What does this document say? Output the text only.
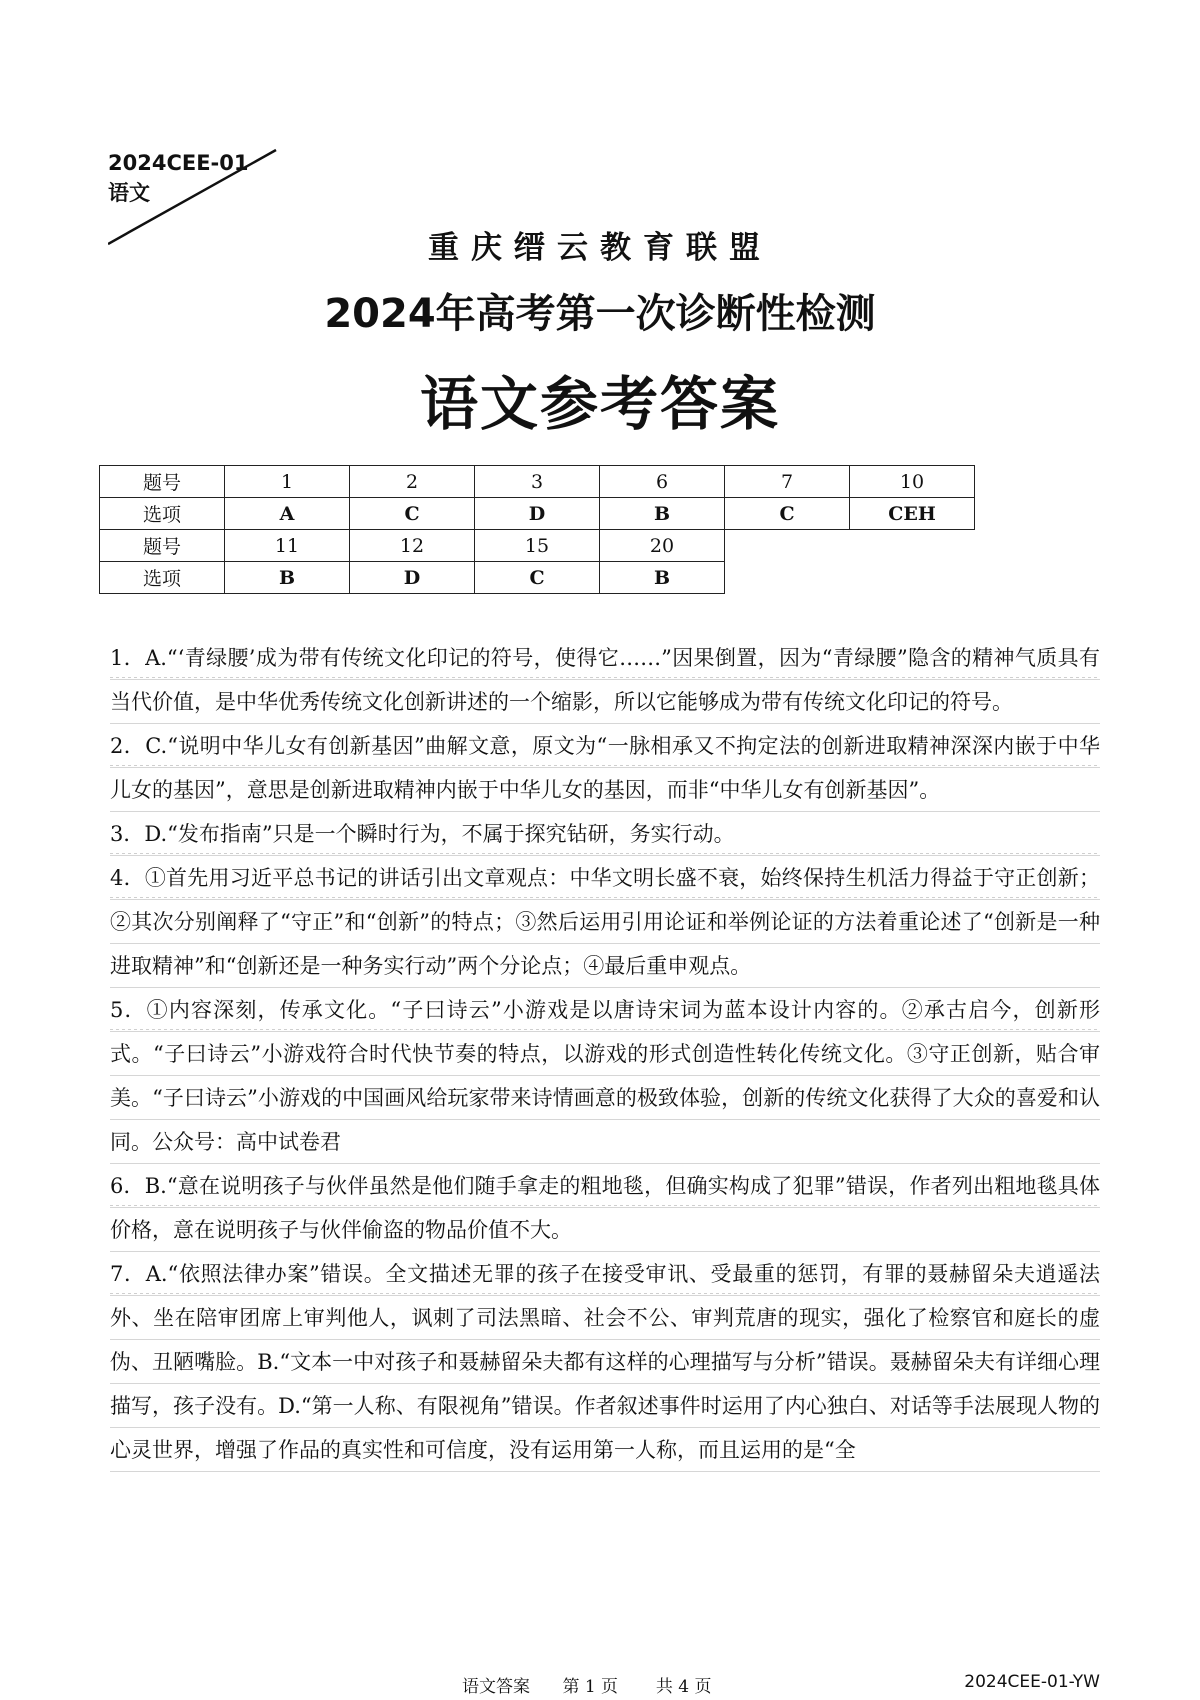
2024CEE-01
语文
重庆缙云教育联盟
2024年高考第一次诊断性检测
语文参考答案
题号	1	2	3	6	7	10
选项	A	C	D	B	C	CEH
题号	11	12	15	20		
选项	B	D	C	B		

1．A.“‘青绿腰’成为带有传统文化印记的符号，使得它……”因果倒置，因为“青绿腰”隐含的精神气质具有当代价值，是中华优秀传统文化创新讲述的一个缩影，所以它能够成为带有传统文化印记的符号。

2．C.“说明中华儿女有创新基因”曲解文意，原文为“一脉相承又不拘定法的创新进取精神深深内嵌于中华儿女的基因”，意思是创新进取精神内嵌于中华儿女的基因，而非“中华儿女有创新基因”。

3．D.“发布指南”只是一个瞬时行为，不属于探究钻研，务实行动。

4．①首先用习近平总书记的讲话引出文章观点：中华文明长盛不衰，始终保持生机活力得益于守正创新；②其次分别阐释了“守正”和“创新”的特点；③然后运用引用论证和举例论证的方法着重论述了“创新是一种进取精神”和“创新还是一种务实行动”两个分论点；④最后重申观点。

5．①内容深刻，传承文化。“子曰诗云”小游戏是以唐诗宋词为蓝本设计内容的。②承古启今，创新形式。“子曰诗云”小游戏符合时代快节奏的特点，以游戏的形式创造性转化传统文化。③守正创新，贴合审美。“子曰诗云”小游戏的中国画风给玩家带来诗情画意的极致体验，创新的传统文化获得了大众的喜爱和认同。公众号：高中试卷君

6．B.“意在说明孩子与伙伴虽然是他们随手拿走的粗地毯，但确实构成了犯罪”错误，作者列出粗地毯具体价格，意在说明孩子与伙伴偷盗的物品价值不大。

7．A.“依照法律办案”错误。全文描述无罪的孩子在接受审讯、受最重的惩罚，有罪的聂赫留朵夫逍遥法外、坐在陪审团席上审判他人，讽刺了司法黑暗、社会不公、审判荒唐的现实，强化了检察官和庭长的虚伪、丑陋嘴脸。B.“文本一中对孩子和聂赫留朵夫都有这样的心理描写与分析”错误。聂赫留朵夫有详细心理描写，孩子没有。D.“第一人称、有限视角”错误。作者叙述事件时运用了内心独白、对话等手法展现人物的心灵世界，增强了作品的真实性和可信度，没有运用第一人称，而且运用的是“全

语文答案 第 1 页 共 4 页	2024CEE-01-YW
